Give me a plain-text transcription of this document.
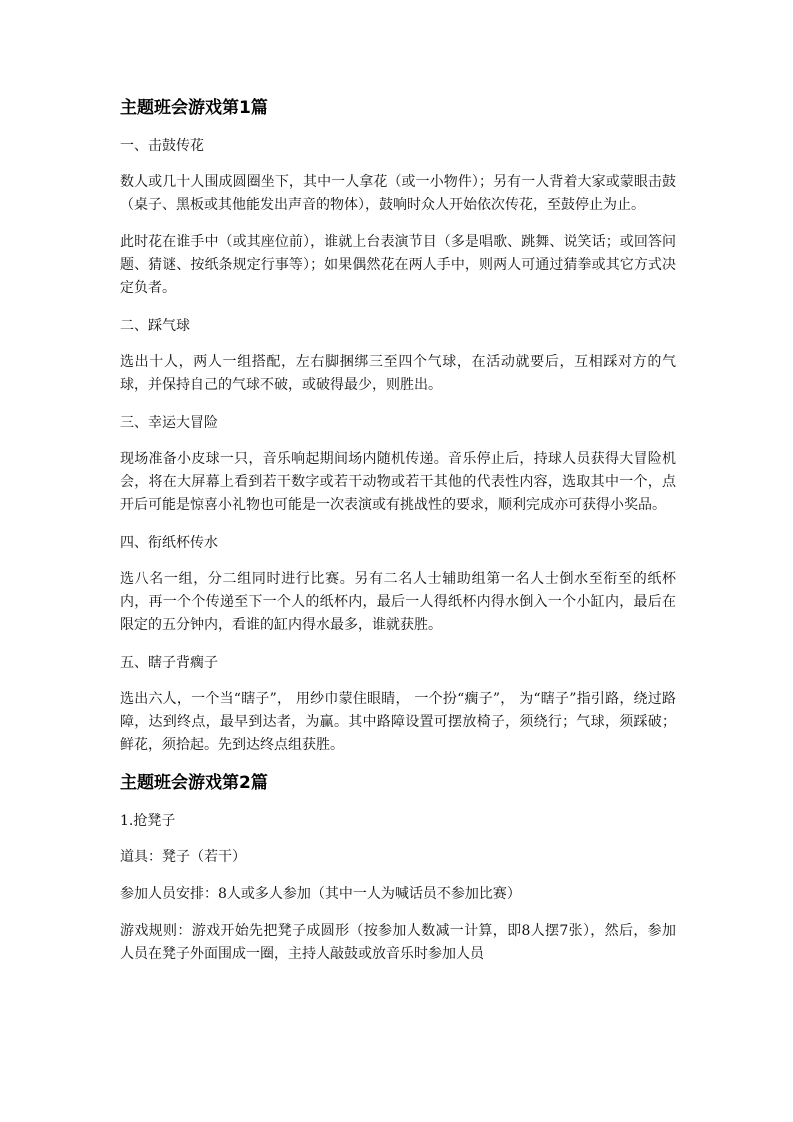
主题班会游戏第1篇
一、击鼓传花
数人或几十人围成圆圈坐下，其中一人拿花（或一小物件）；另有一人背着大家或蒙眼击鼓（桌子、黑板或其他能发出声音的物体），鼓响时众人开始依次传花，至鼓停止为止。
此时花在谁手中（或其座位前），谁就上台表演节目（多是唱歌、跳舞、说笑话；或回答问题、猜谜、按纸条规定行事等）；如果偶然花在两人手中，则两人可通过猜拳或其它方式决定负者。
二、踩气球
选出十人，两人一组搭配，左右脚捆绑三至四个气球，在活动就要后，互相踩对方的气球，并保持自己的气球不破，或破得最少，则胜出。
三、幸运大冒险
现场准备小皮球一只，音乐响起期间场内随机传递。音乐停止后，持球人员获得大冒险机会，将在大屏幕上看到若干数字或若干动物或若干其他的代表性内容，选取其中一个，点开后可能是惊喜小礼物也可能是一次表演或有挑战性的要求，顺利完成亦可获得小奖品。
四、衔纸杯传水
选八名一组，分二组同时进行比赛。另有二名人士辅助组第一名人士倒水至衔至的纸杯内，再一个个传递至下一个人的纸杯内，最后一人得纸杯内得水倒入一个小缸内，最后在限定的五分钟内，看谁的缸内得水最多，谁就获胜。
五、瞎子背瘸子
选出六人，一个当“瞎子”， 用纱巾蒙住眼睛， 一个扮“瘸子”， 为“瞎子”指引路，绕过路障，达到终点，最早到达者，为赢。其中路障设置可摆放椅子，须绕行；气球，须踩破；鲜花，须拾起。先到达终点组获胜。
主题班会游戏第2篇
1.抢凳子
道具：凳子（若干）
参加人员安排：8人或多人参加（其中一人为喊话员不参加比赛）
游戏规则：游戏开始先把凳子成圆形（按参加人数减一计算，即8人摆7张），然后，参加人员在凳子外面围成一圈，主持人敲鼓或放音乐时参加人员
